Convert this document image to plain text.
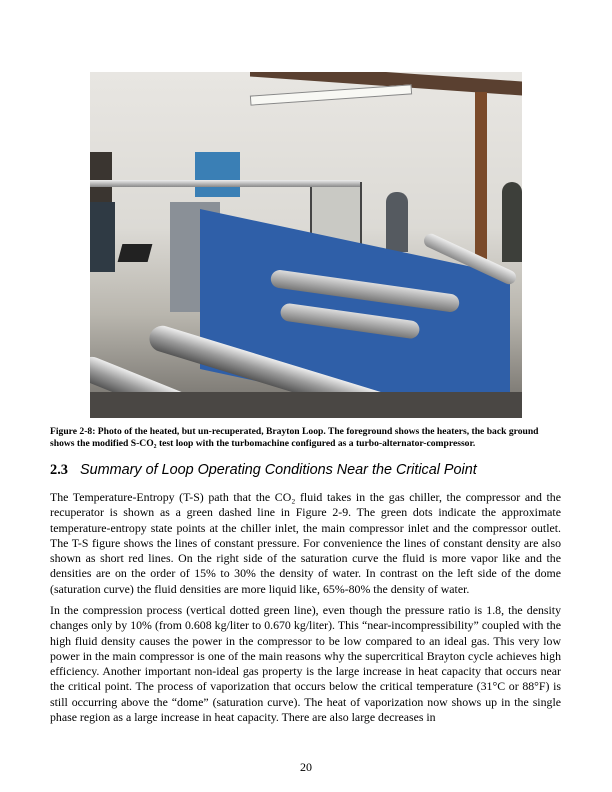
Figure 2-8: Photo of the heated, but un-recuperated, Brayton Loop. The foreground shows the heaters, the back ground shows the modified S-CO₂ test loop with the turbomachine configured as a turbo-alternator-compressor.
2.3 Summary of Loop Operating Conditions Near the Critical Point
The Temperature-Entropy (T-S) path that the CO₂ fluid takes in the gas chiller, the compressor and the recuperator is shown as a green dashed line in Figure 2-9. The green dots indicate the approximate temperature-entropy state points at the chiller inlet, the main compressor inlet and the compressor outlet. The T-S figure shows the lines of constant pressure. For convenience the lines of constant density are also shown as short red lines. On the right side of the saturation curve the fluid is more vapor like and the densities are on the order of 15% to 30% the density of water. In contrast on the left side of the dome (saturation curve) the fluid densities are more liquid like, 65%-80% the density of water.
In the compression process (vertical dotted green line), even though the pressure ratio is 1.8, the density changes only by 10% (from 0.608 kg/liter to 0.670 kg/liter). This “near-incompressibility” coupled with the high fluid density causes the power in the compressor to be low compared to an ideal gas. This very low power in the main compressor is one of the main reasons why the supercritical Brayton cycle achieves high efficiency. Another important non-ideal gas property is the large increase in heat capacity that occurs near the critical point. The process of vaporization that occurs below the critical temperature (31°C or 88°F) is still occurring above the “dome” (saturation curve). The heat of vaporization now shows up in the single phase region as a large increase in heat capacity. There are also large decreases in
20
